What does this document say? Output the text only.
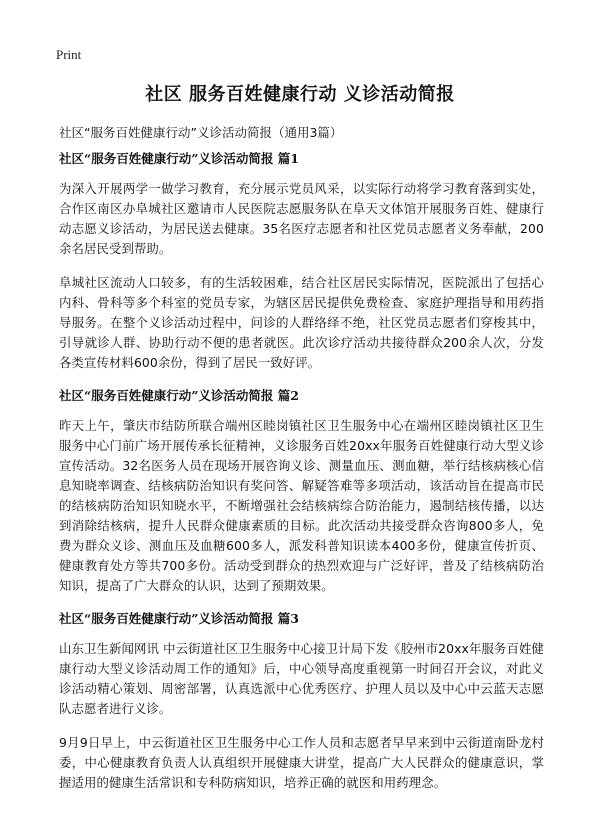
Print
社区 服务百姓健康行动 义诊活动简报

社区“服务百姓健康行动”义诊活动简报（通用3篇）

社区“服务百姓健康行动”义诊活动简报 篇1

为深入开展两学一做学习教育，充分展示党员风采，以实际行动将学习教育落到实处，合作区南区办阜城社区邀请市人民医院志愿服务队在阜天文体馆开展服务百姓、健康行动志愿义诊活动，为居民送去健康。35名医疗志愿者和社区党员志愿者义务奉献，200余名居民受到帮助。

阜城社区流动人口较多，有的生活较困难，结合社区居民实际情况，医院派出了包括心内科、骨科等多个科室的党员专家，为辖区居民提供免费检查、家庭护理指导和用药指导服务。在整个义诊活动过程中，问诊的人群络绎不绝，社区党员志愿者们穿梭其中，引导就诊人群、协助行动不便的患者就医。此次诊疗活动共接待群众200余人次，分发各类宣传材料600余份，得到了居民一致好评。

社区“服务百姓健康行动”义诊活动简报 篇2

昨天上午，肇庆市结防所联合端州区睦岗镇社区卫生服务中心在端州区睦岗镇社区卫生服务中心门前广场开展传承长征精神，义诊服务百姓20xx年服务百姓健康行动大型义诊宣传活动。32名医务人员在现场开展咨询义诊、测量血压、测血糖，举行结核病核心信息知晓率调查、结核病防治知识有奖问答、解疑答难等多项活动，该活动旨在提高市民的结核病防治知识知晓水平，不断增强社会结核病综合防治能力，遏制结核传播，以达到消除结核病，提升人民群众健康素质的目标。此次活动共接受群众咨询800多人，免费为群众义诊、测血压及血糖600多人，派发科普知识读本400多份，健康宣传折页、健康教育处方等共700多份。活动受到群众的热烈欢迎与广泛好评，普及了结核病防治知识，提高了广大群众的认识，达到了预期效果。

社区“服务百姓健康行动”义诊活动简报 篇3

山东卫生新闻网讯 中云街道社区卫生服务中心接卫计局下发《胶州市20xx年服务百姓健康行动大型义诊活动周工作的通知》后，中心领导高度重视第一时间召开会议，对此义诊活动精心策划、周密部署，认真选派中心优秀医疗、护理人员以及中心中云蓝天志愿队志愿者进行义诊。

9月9日早上，中云街道社区卫生服务中心工作人员和志愿者早早来到中云街道南卧龙村委，中心健康教育负责人认真组织开展健康大讲堂，提高广大人民群众的健康意识，掌握适用的健康生活常识和专科防病知识，培养正确的就医和用药理念。
